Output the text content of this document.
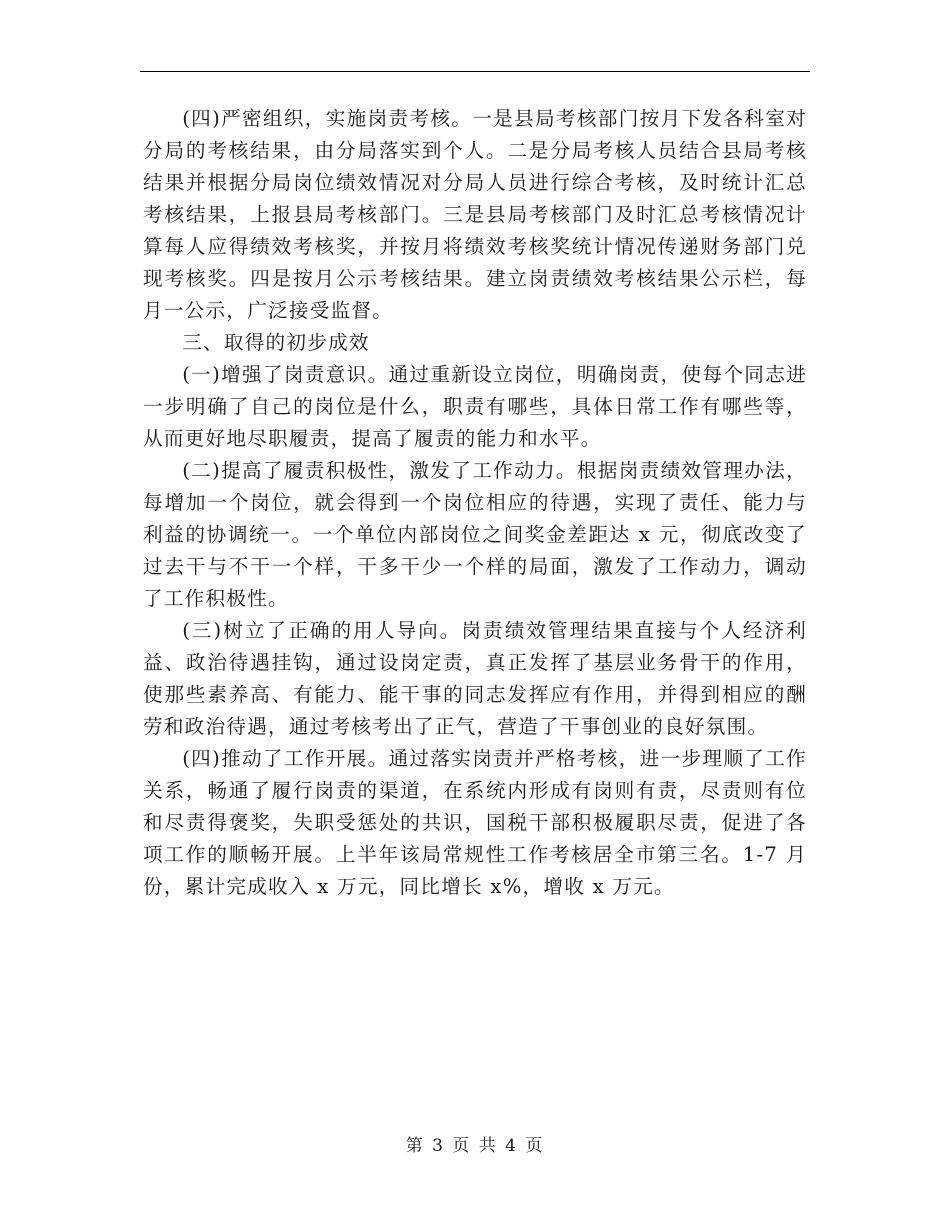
(四)严密组织，实施岗责考核。一是县局考核部门按月下发各科室对分局的考核结果，由分局落实到个人。二是分局考核人员结合县局考核结果并根据分局岗位绩效情况对分局人员进行综合考核，及时统计汇总考核结果，上报县局考核部门。三是县局考核部门及时汇总考核情况计算每人应得绩效考核奖，并按月将绩效考核奖统计情况传递财务部门兑现考核奖。四是按月公示考核结果。建立岗责绩效考核结果公示栏，每月一公示，广泛接受监督。

三、取得的初步成效

(一)增强了岗责意识。通过重新设立岗位，明确岗责，使每个同志进一步明确了自己的岗位是什么，职责有哪些，具体日常工作有哪些等，从而更好地尽职履责，提高了履责的能力和水平。

(二)提高了履责积极性，激发了工作动力。根据岗责绩效管理办法，每增加一个岗位，就会得到一个岗位相应的待遇，实现了责任、能力与利益的协调统一。一个单位内部岗位之间奖金差距达 x 元，彻底改变了过去干与不干一个样，干多干少一个样的局面，激发了工作动力，调动了工作积极性。

(三)树立了正确的用人导向。岗责绩效管理结果直接与个人经济利益、政治待遇挂钩，通过设岗定责，真正发挥了基层业务骨干的作用，使那些素养高、有能力、能干事的同志发挥应有作用，并得到相应的酬劳和政治待遇，通过考核考出了正气，营造了干事创业的良好氛围。

(四)推动了工作开展。通过落实岗责并严格考核，进一步理顺了工作关系，畅通了履行岗责的渠道，在系统内形成有岗则有责，尽责则有位和尽责得褒奖，失职受惩处的共识，国税干部积极履职尽责，促进了各项工作的顺畅开展。上半年该局常规性工作考核居全市第三名。1-7 月份，累计完成收入 x 万元，同比增长 x%，增收 x 万元。

第 3 页 共 4 页
